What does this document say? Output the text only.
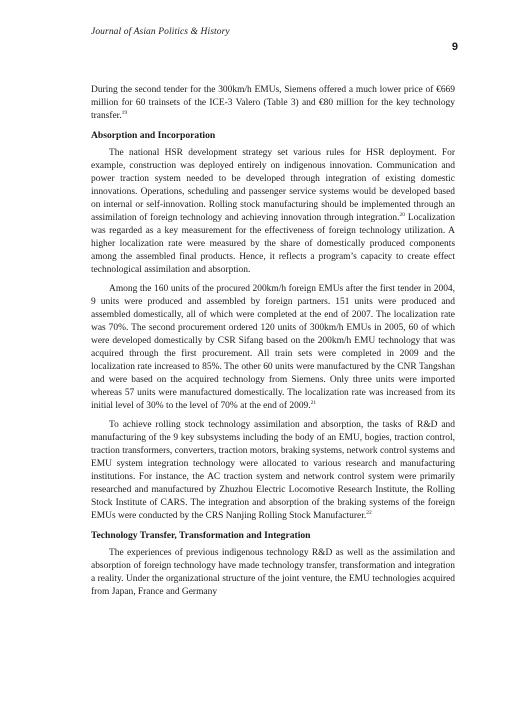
Journal of Asian Politics & History
9

During the second tender for the 300km/h EMUs, Siemens offered a much lower price of €669 million for 60 trainsets of the ICE-3 Valero (Table 3) and €80 million for the key technology transfer.$^{19}$

Absorption and Incorporation

The national HSR development strategy set various rules for HSR deployment. For example, construction was deployed entirely on indigenous innovation. Communication and power traction system needed to be developed through integration of existing domestic innovations. Operations, scheduling and passenger service systems would be developed based on internal or self-innovation. Rolling stock manufacturing should be implemented through an assimilation of foreign technology and achieving innovation through integration.$^{20}$ Localization was regarded as a key measurement for the effectiveness of foreign technology utilization. A higher localization rate were measured by the share of domestically produced components among the assembled final products. Hence, it reflects a program’s capacity to create effect technological assimilation and absorption.

Among the 160 units of the procured 200km/h foreign EMUs after the first tender in 2004, 9 units were produced and assembled by foreign partners. 151 units were produced and assembled domestically, all of which were completed at the end of 2007. The localization rate was 70%. The second procurement ordered 120 units of 300km/h EMUs in 2005, 60 of which were developed domestically by CSR Sifang based on the 200km/h EMU technology that was acquired through the first procurement. All train sets were completed in 2009 and the localization rate increased to 85%. The other 60 units were manufactured by the CNR Tangshan and were based on the acquired technology from Siemens. Only three units were imported whereas 57 units were manufactured domestically. The localization rate was increased from its initial level of 30% to the level of 70% at the end of 2009.21

To achieve rolling stock technology assimilation and absorption, the tasks of R&D and manufacturing of the 9 key subsystems including the body of an EMU, bogies, traction control, traction transformers, converters, traction motors, braking systems, network control systems and EMU system integration technology were allocated to various research and manufacturing institutions. For instance, the AC traction system and network control system were primarily researched and manufactured by Zhuzhou Electric Locomotive Research Institute, the Rolling Stock Institute of CARS. The integration and absorption of the braking systems of the foreign EMUs were conducted by the CRS Nanjing Rolling Stock Manufacturer.$^{22}$

Technology Transfer, Transformation and Integration

The experiences of previous indigenous technology R&D as well as the assimilation and absorption of foreign technology have made technology transfer, transformation and integration a reality. Under the organizational structure of the joint venture, the EMU technologies acquired from Japan, France and Germany
